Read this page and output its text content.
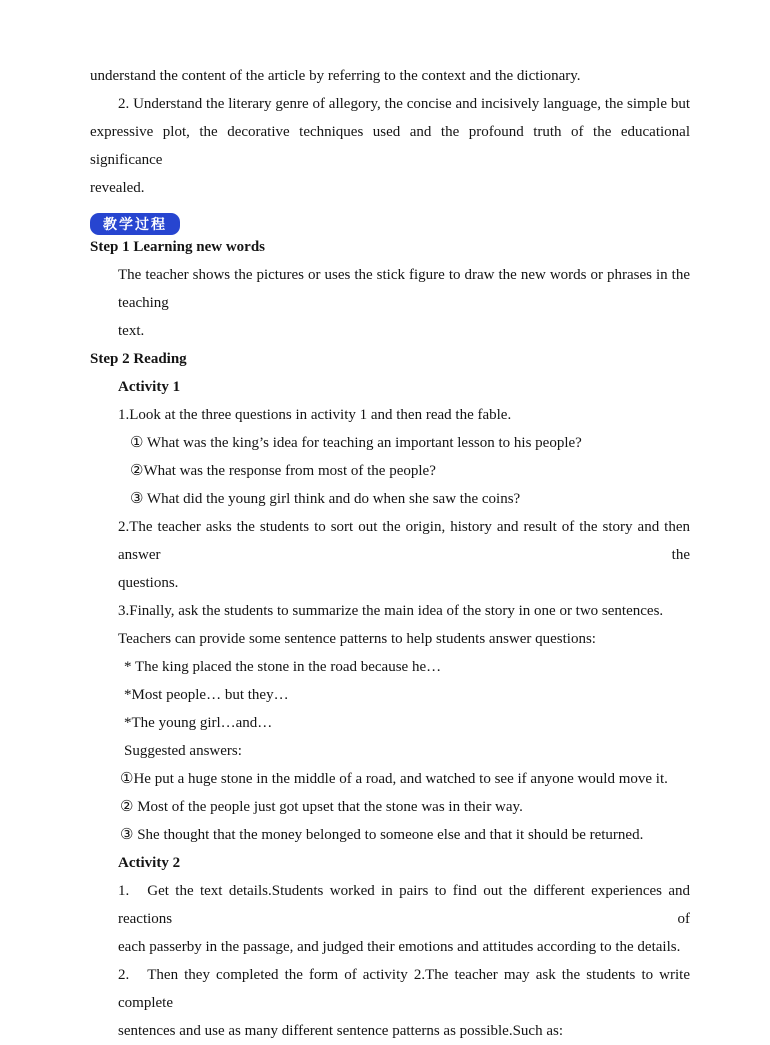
understand the content of the article by referring to the context and the dictionary.
2. Understand the literary genre of allegory, the concise and incisively language, the simple but
expressive plot, the decorative techniques used and the profound truth of the educational significance
revealed.
教学过程
Step 1 Learning new words
The teacher shows the pictures or uses the stick figure to draw the new words or phrases in the teaching
text.
Step 2 Reading
Activity 1
1.Look at the three questions in activity 1 and then read the fable.
① What was the king’s idea for teaching an important lesson to his people?
②What was the response from most of the people?
③ What did the young girl think and do when she saw the coins?
2.The teacher asks the students to sort out the origin, history and result of the story and then answer the
questions.
3.Finally, ask the students to summarize the main idea of the story in one or two sentences.
Teachers can provide some sentence patterns to help students answer questions:
* The king placed the stone in the road because he…
*Most people… but they…
*The young girl…and…
Suggested answers:
①He put a huge stone in the middle of a road, and watched to see if anyone would move it.
② Most of the people just got upset that the stone was in their way.
③ She thought that the money belonged to someone else and that it should be returned.
Activity 2
1. Get the text details.Students worked in pairs to find out the different experiences and reactions of
each passerby in the passage, and judged their emotions and attitudes according to the details.
2. Then they completed the form of activity 2.The teacher may ask the students to write complete
sentences and use as many different sentence patterns as possible.Such as:
